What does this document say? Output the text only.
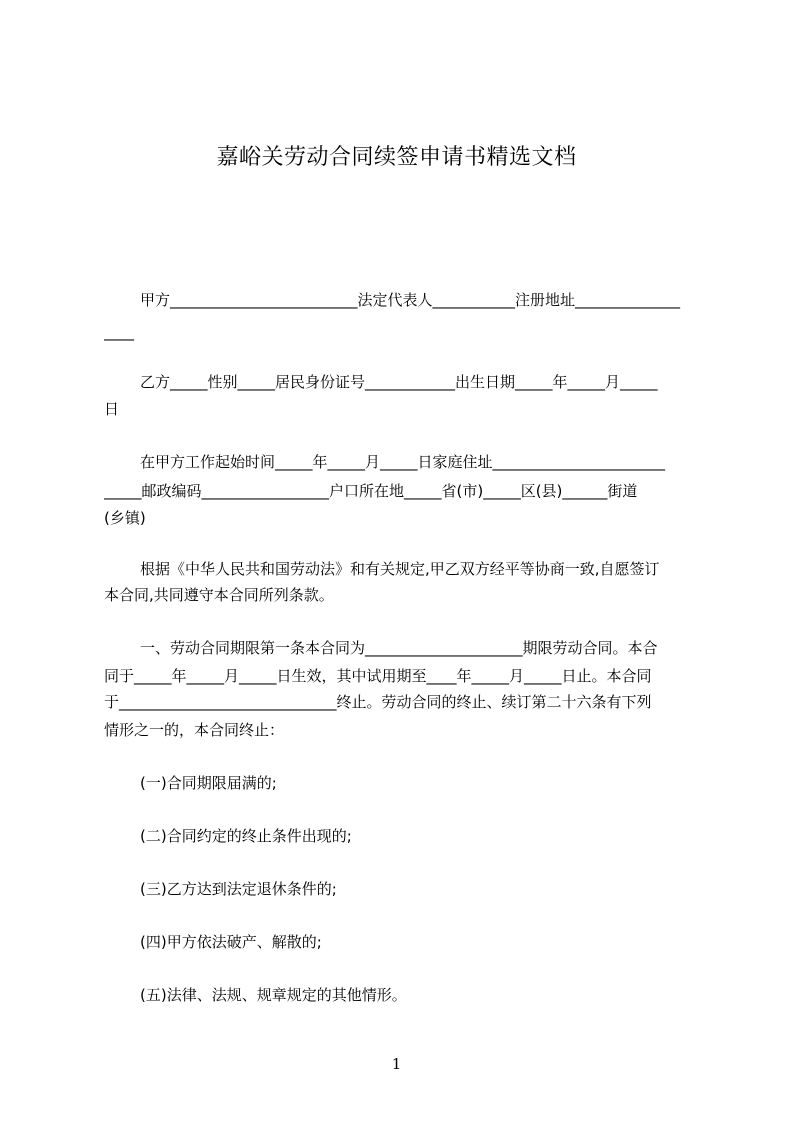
嘉峪关劳动合同续签申请书精选文档
甲方_________________________法定代表人___________注册地址______________
____
乙方_____性别_____居民身份证号____________出生日期_____年_____月_____
日
在甲方工作起始时间_____年_____月_____日家庭住址_______________________
_____邮政编码_________________户口所在地_____省(市)_____区(县)______街道
(乡镇)
根据《中华人民共和国劳动法》和有关规定,甲乙双方经平等协商一致,自愿签订
本合同,共同遵守本合同所列条款。
一、劳动合同期限第一条本合同为_____________________期限劳动合同。本合
同于_____年_____月_____日生效，其中试用期至____年_____月_____日止。本合同
于_____________________________终止。劳动合同的终止、续订第二十六条有下列
情形之一的，本合同终止：
(一)合同期限届满的;
(二)合同约定的终止条件出现的;
(三)乙方达到法定退休条件的;
(四)甲方依法破产、解散的;
(五)法律、法规、规章规定的其他情形。
1
